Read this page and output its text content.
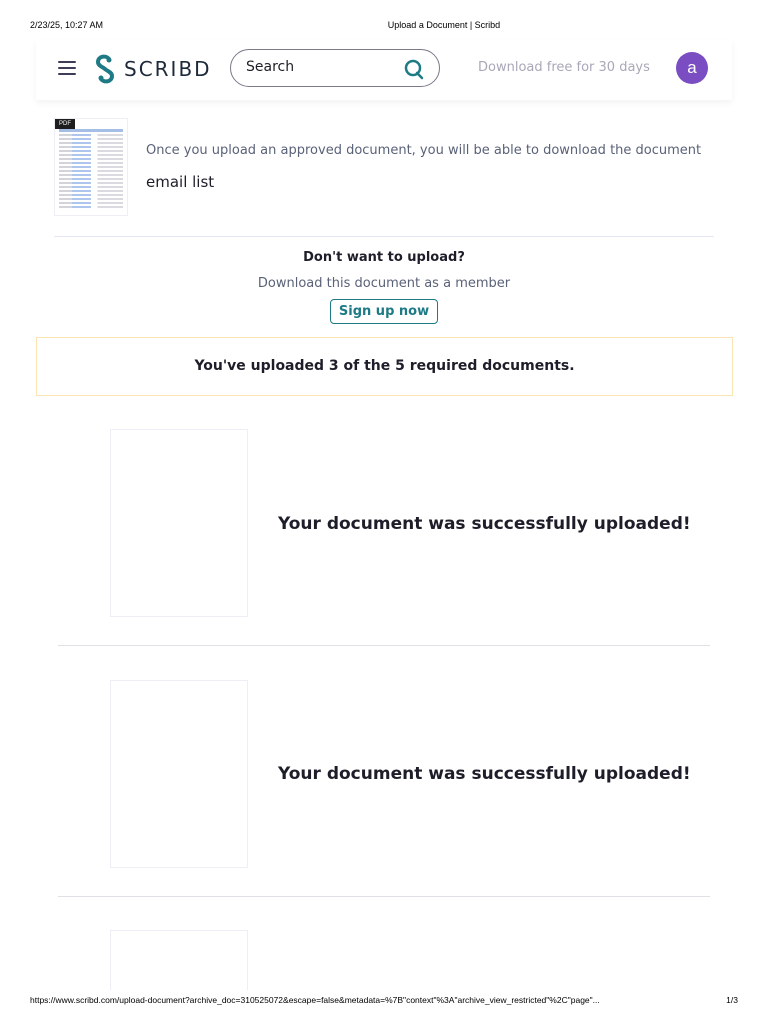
2/23/25, 10:27 AM	Upload a Document | Scribd
SCRIBD
Search	Download free for 30 days	a
PDF
Once you upload an approved document, you will be able to download the document
email list
Don't want to upload?
Download this document as a member
Sign up now
You've uploaded 3 of the 5 required documents.
Your document was successfully uploaded!
Your document was successfully uploaded!
https://www.scribd.com/upload-document?archive_doc=310525072&escape=false&metadata=%7B"context"%3A"archive_view_restricted"%2C"page"...	1/3
